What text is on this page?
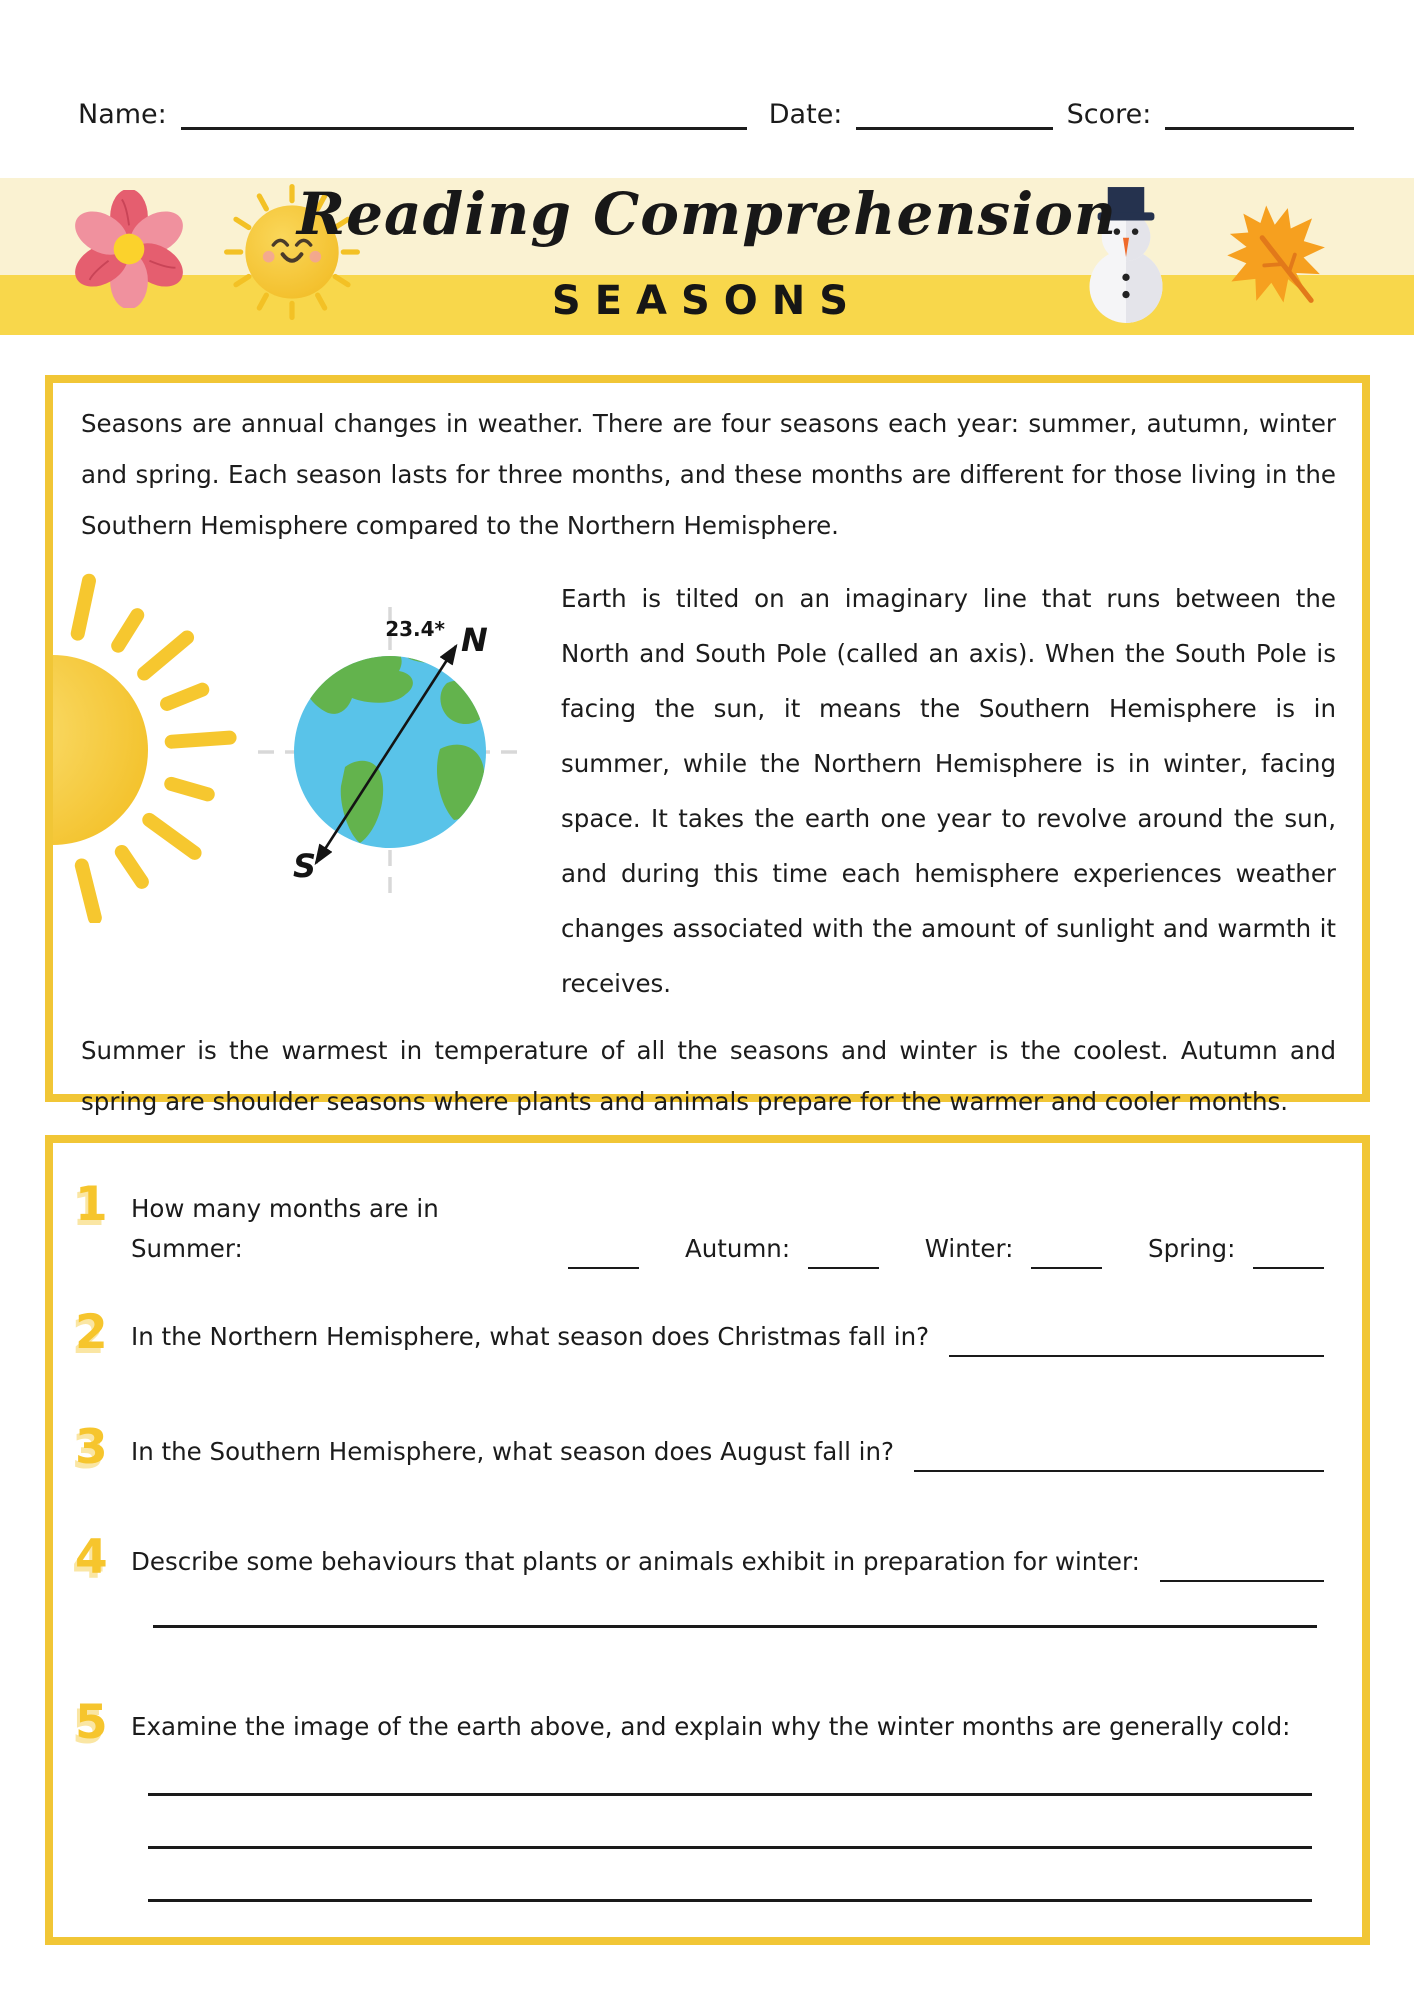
Name:	Date:	Score:
Reading Comprehension
SEASONS

Seasons are annual changes in weather. There are four seasons each year: summer, autumn, winter and spring. Each season lasts for three months, and these months are different for those living in the Southern Hemisphere compared to the Northern Hemisphere.

23.4* N
S

Earth is tilted on an imaginary line that runs between the North and South Pole (called an axis). When the South Pole is facing the sun, it means the Southern Hemisphere is in summer, while the Northern Hemisphere is in winter, facing space. It takes the earth one year to revolve around the sun, and during this time each hemisphere experiences weather changes associated with the amount of sunlight and warmth it receives.

Summer is the warmest in temperature of all the seasons and winter is the coolest. Autumn and spring are shoulder seasons where plants and animals prepare for the warmer and cooler months.

1 How many months are in Summer:	Autumn:	Winter:	Spring:
2 In the Northern Hemisphere, what season does Christmas fall in?
3 In the Southern Hemisphere, what season does August fall in?
4 Describe some behaviours that plants or animals exhibit in preparation for winter:
5 Examine the image of the earth above, and explain why the winter months are generally cold:
